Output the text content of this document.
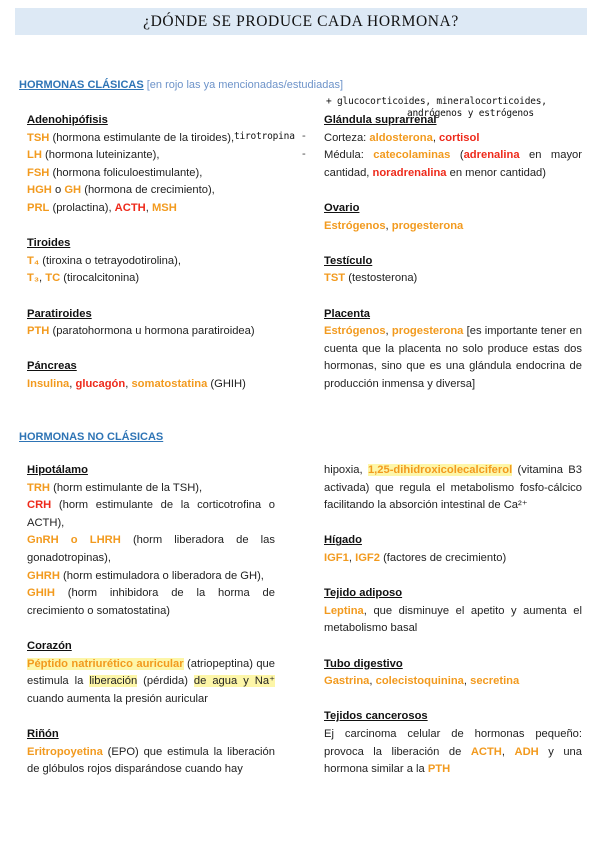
¿DÓNDE SE PRODUCE CADA HORMONA?
HORMONAS CLÁSICAS [en rojo las ya mencionadas/estudiadas]
tirotropina -
-
+ glucocorticoides, mineralocorticoides,
andrógenos y estrógenos

Adenohipófisis

TSH (hormona estimulante de la tiroides),

LH (hormona luteinizante),

FSH (hormona foliculoestimulante),

HGH o GH (hormona de crecimiento),

PRL (prolactina), ACTH, MSH

Tiroides

T₄ (tiroxina o tetrayodotirolina),

T₃, TC (tirocalcitonina)

Paratiroides

PTH (paratohormona u hormona paratiroidea)

Páncreas

Insulina, glucagón, somatostatina (GHIH)

Glándula suprarrenal

Corteza: aldosterona, cortisol

Médula: catecolaminas (adrenalina en mayor cantidad, noradrenalina en menor cantidad)

Ovario

Estrógenos, progesterona

Testículo

TST (testosterona)

Placenta

Estrógenos, progesterona [es importante tener en cuenta que la placenta no solo produce estas dos hormonas, sino que es una glándula endocrina de producción inmensa y diversa]

HORMONAS NO CLÁSICAS

Hipotálamo

TRH (horm estimulante de la TSH),

CRH (horm estimulante de la corticotrofina o ACTH),

GnRH o LHRH (horm liberadora de las gonadotropinas),

GHRH (horm estimuladora o liberadora de GH),

GHIH (horm inhibidora de la horma de crecimiento o somatostatina)

Corazón

Péptido natriurético auricular (atriopeptina) que estimula la liberación (pérdida) de agua y Na⁺ cuando aumenta la presión auricular

Riñón

Eritropoyetina (EPO) que estimula la liberación de glóbulos rojos disparándose cuando hay

hipoxia, 1,25-dihidroxicolecalciferol (vitamina B3 activada) que regula el metabolismo fosfo-cálcico facilitando la absorción intestinal de Ca²⁺

Hígado

IGF1, IGF2 (factores de crecimiento)

Tejido adiposo

Leptina, que disminuye el apetito y aumenta el metabolismo basal

Tubo digestivo

Gastrina, colecistoquinina, secretina

Tejidos cancerosos

Ej carcinoma celular de hormonas pequeño: provoca la liberación de ACTH, ADH y una hormona similar a la PTH
